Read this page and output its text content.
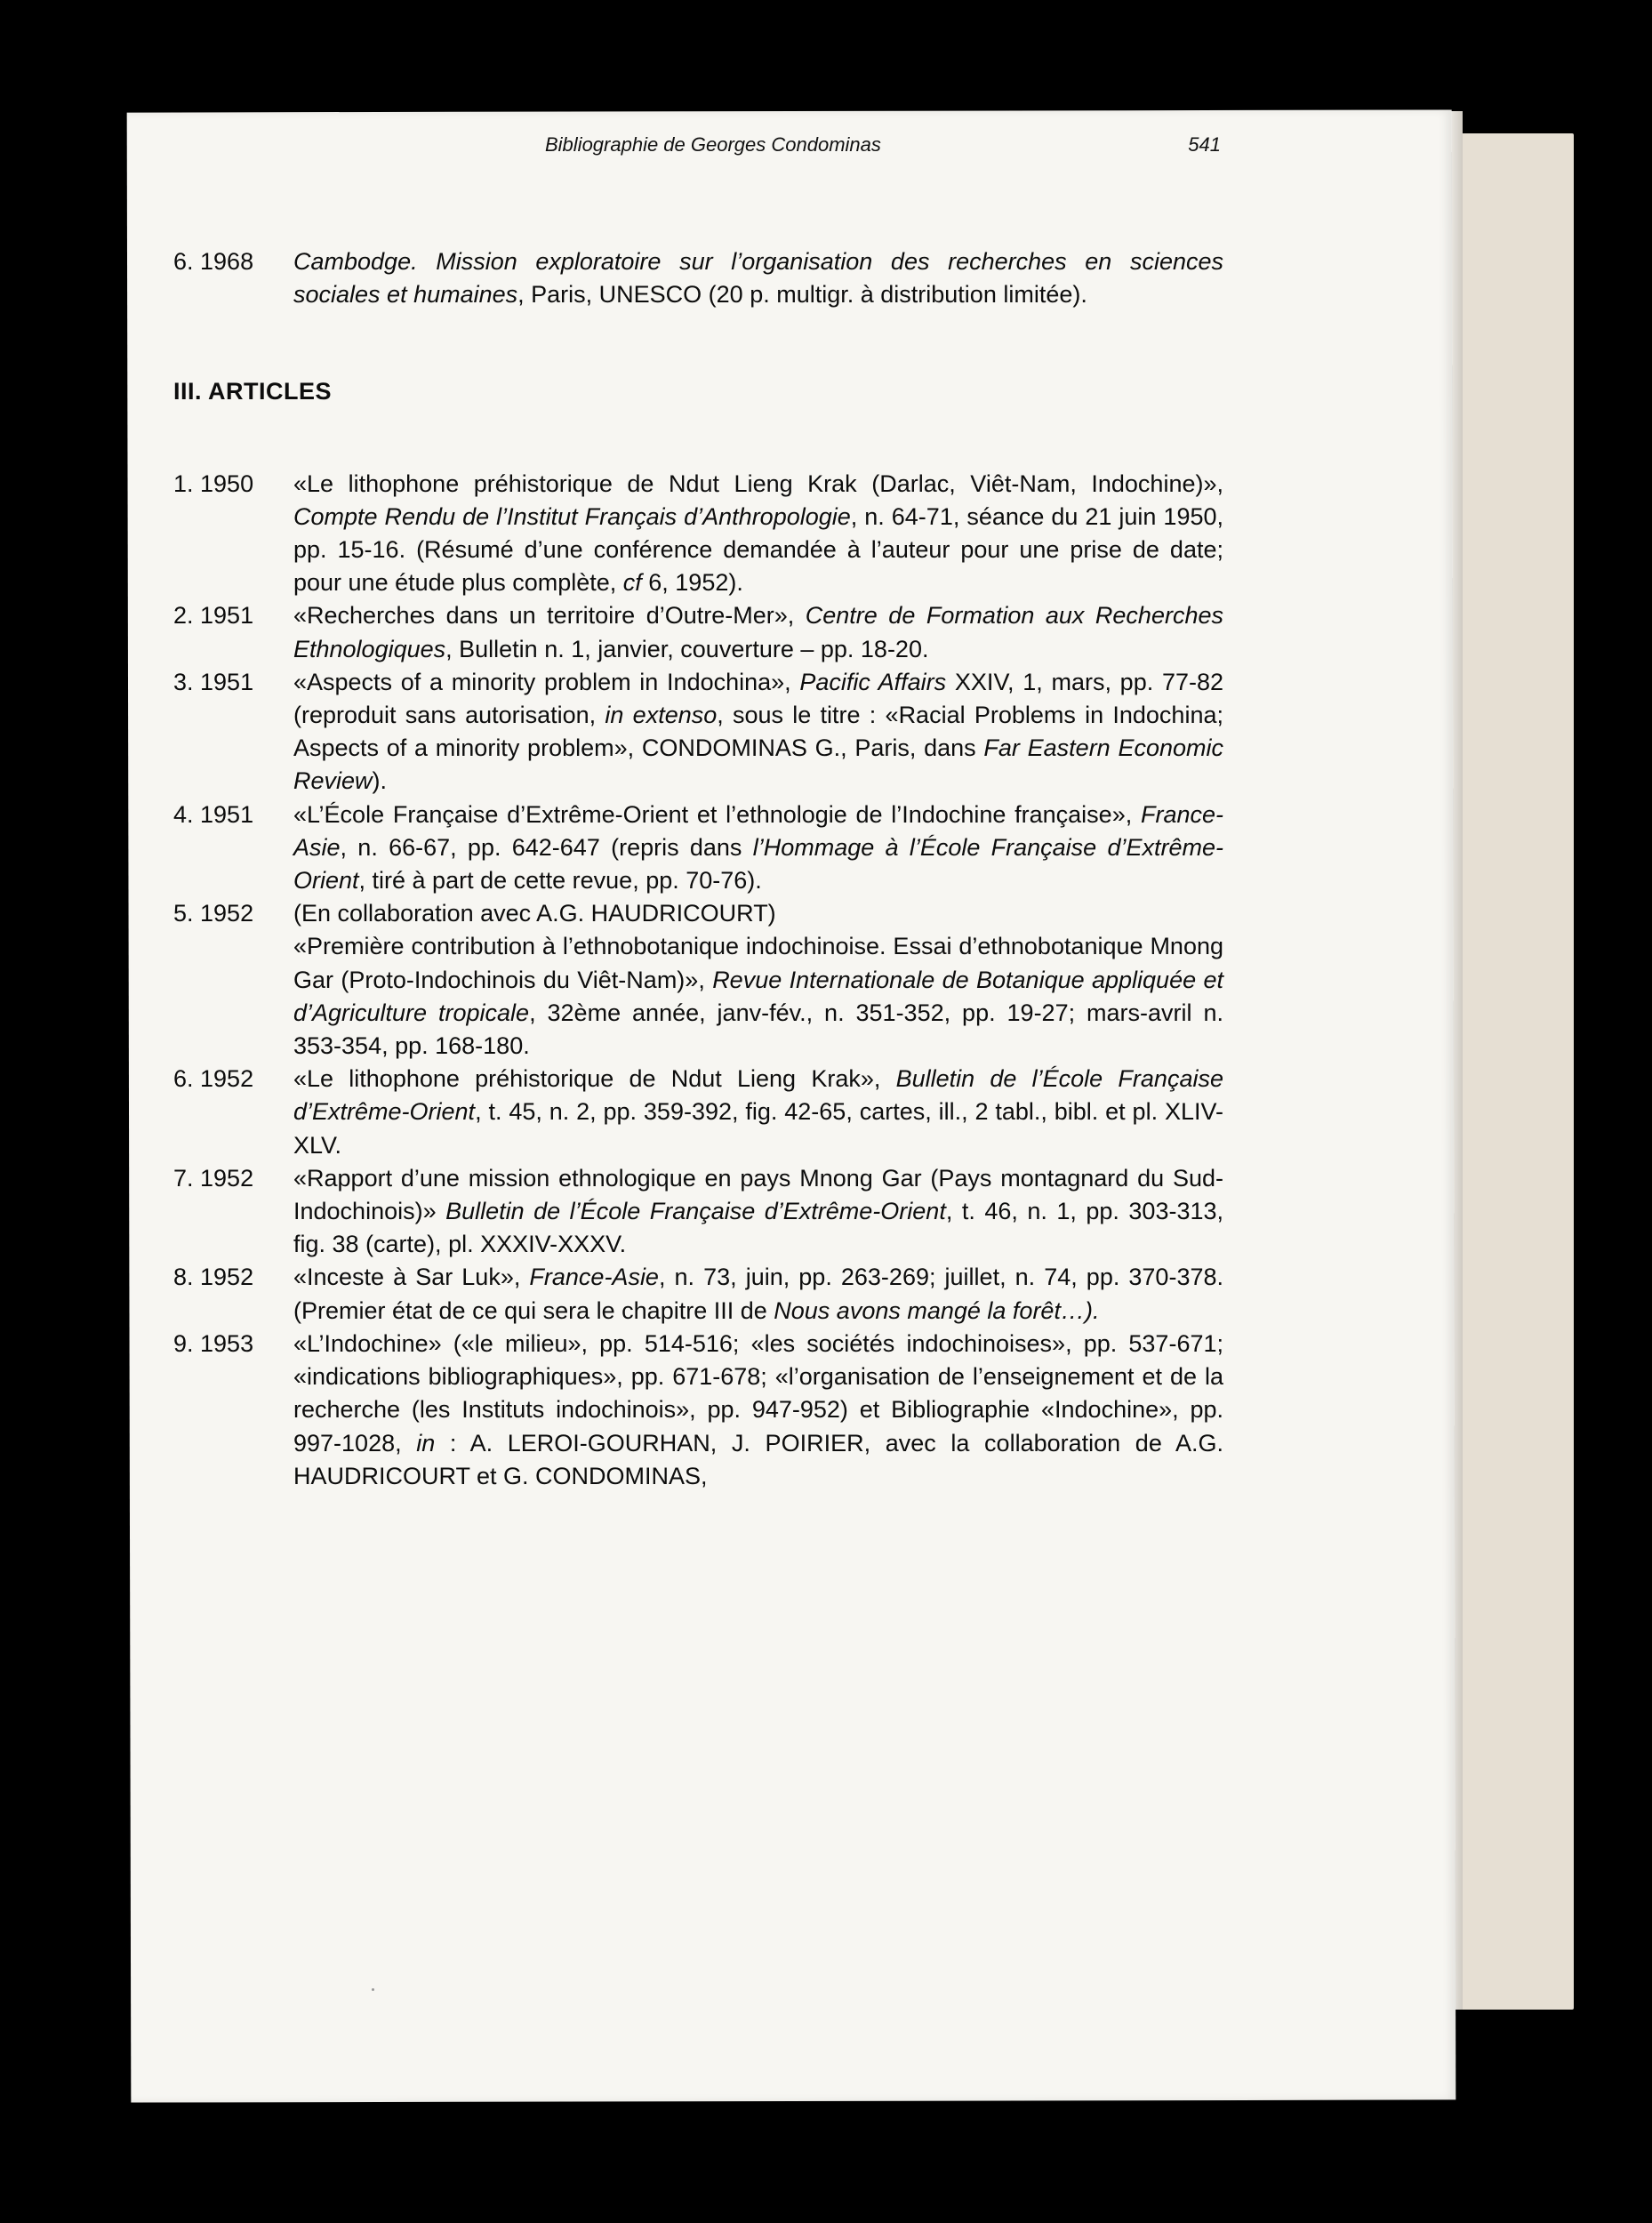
Bibliographie de Georges Condominas	541
6. 1968	Cambodge. Mission exploratoire sur l’organisation des recherches en sciences sociales et humaines, Paris, UNESCO (20 p. multigr. à distribution limitée).
III. ARTICLES
1. 1950	«Le lithophone préhistorique de Ndut Lieng Krak (Darlac, Viêt-Nam, Indochine)», Compte Rendu de l’Institut Français d’Anthropologie, n. 64-71, séance du 21 juin 1950, pp. 15-16. (Résumé d’une conférence demandée à l’auteur pour une prise de date; pour une étude plus complète, cf 6, 1952).
2. 1951	«Recherches dans un territoire d’Outre-Mer», Centre de Formation aux Recherches Ethnologiques, Bulletin n. 1, janvier, couverture – pp. 18-20.
3. 1951	«Aspects of a minority problem in Indochina», Pacific Affairs XXIV, 1, mars, pp. 77-82 (reproduit sans autorisation, in extenso, sous le titre : «Racial Problems in Indochina; Aspects of a minority problem», CONDOMINAS G., Paris, dans Far Eastern Economic Review).
4. 1951	«L’École Française d’Extrême-Orient et l’ethnologie de l’Indochine française», France-Asie, n. 66-67, pp. 642-647 (repris dans l’Hommage à l’École Française d’Extrême-Orient, tiré à part de cette revue, pp. 70-76).
5. 1952	(En collaboration avec A.G. HAUDRICOURT)
«Première contribution à l’ethnobotanique indochinoise. Essai d’ethnobotanique Mnong Gar (Proto-Indochinois du Viêt-Nam)», Revue Internationale de Botanique appliquée et d’Agriculture tropicale, 32ème année, janv-fév., n. 351-352, pp. 19-27; mars-avril n. 353-354, pp. 168-180.
6. 1952	«Le lithophone préhistorique de Ndut Lieng Krak», Bulletin de l’École Française d’Extrême-Orient, t. 45, n. 2, pp. 359-392, fig. 42-65, cartes, ill., 2 tabl., bibl. et pl. XLIV-XLV.
7. 1952	«Rapport d’une mission ethnologique en pays Mnong Gar (Pays montagnard du Sud-Indochinois)» Bulletin de l’École Française d’Extrême-Orient, t. 46, n. 1, pp. 303-313, fig. 38 (carte), pl. XXXIV-XXXV.
8. 1952	«Inceste à Sar Luk», France-Asie, n. 73, juin, pp. 263-269; juillet, n. 74, pp. 370-378. (Premier état de ce qui sera le chapitre III de Nous avons mangé la forêt…).
9. 1953	«L’Indochine» («le milieu», pp. 514-516; «les sociétés indochinoises», pp. 537-671; «indications bibliographiques», pp. 671-678; «l’organisation de l’enseignement et de la recherche (les Instituts indochinois», pp. 947-952) et Bibliographie «Indochine», pp. 997-1028, in : A. LEROI-GOURHAN, J. POIRIER, avec la collaboration de A.G. HAUDRICOURT et G. CONDOMINAS,
